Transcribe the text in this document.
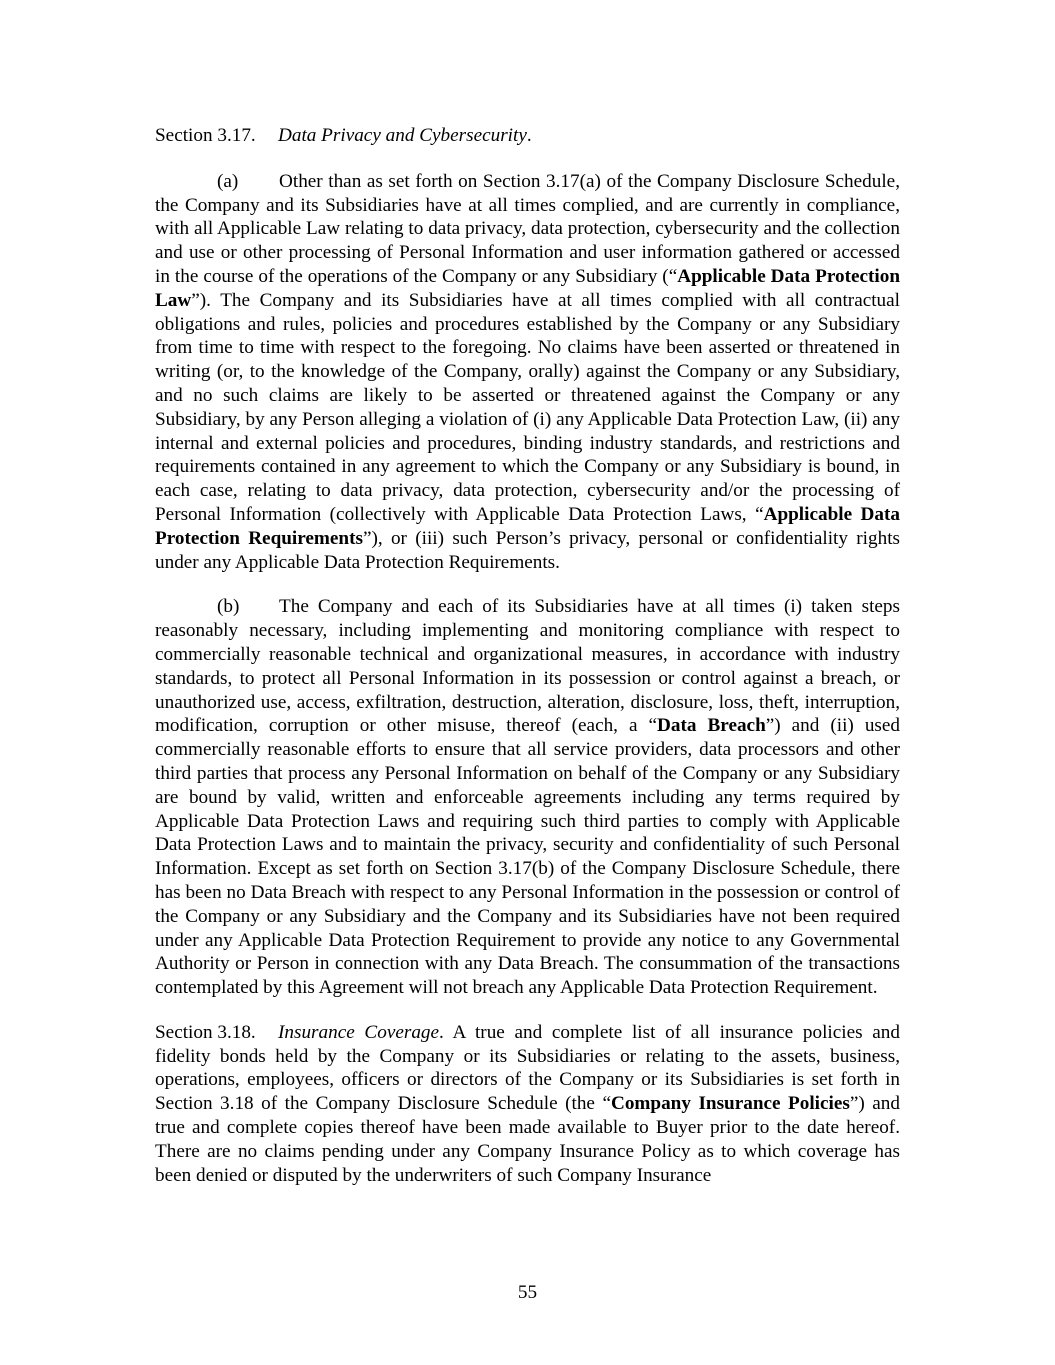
Section 3.17. Data Privacy and Cybersecurity.

(a) Other than as set forth on Section 3.17(a) of the Company Disclosure Schedule, the Company and its Subsidiaries have at all times complied, and are currently in compliance, with all Applicable Law relating to data privacy, data protection, cybersecurity and the collection and use or other processing of Personal Information and user information gathered or accessed in the course of the operations of the Company or any Subsidiary (“Applicable Data Protection Law”). The Company and its Subsidiaries have at all times complied with all contractual obligations and rules, policies and procedures established by the Company or any Subsidiary from time to time with respect to the foregoing. No claims have been asserted or threatened in writing (or, to the knowledge of the Company, orally) against the Company or any Subsidiary, and no such claims are likely to be asserted or threatened against the Company or any Subsidiary, by any Person alleging a violation of (i) any Applicable Data Protection Law, (ii) any internal and external policies and procedures, binding industry standards, and restrictions and requirements contained in any agreement to which the Company or any Subsidiary is bound, in each case, relating to data privacy, data protection, cybersecurity and/or the processing of Personal Information (collectively with Applicable Data Protection Laws, “Applicable Data Protection Requirements”), or (iii) such Person’s privacy, personal or confidentiality rights under any Applicable Data Protection Requirements.

(b) The Company and each of its Subsidiaries have at all times (i) taken steps reasonably necessary, including implementing and monitoring compliance with respect to commercially reasonable technical and organizational measures, in accordance with industry standards, to protect all Personal Information in its possession or control against a breach, or unauthorized use, access, exfiltration, destruction, alteration, disclosure, loss, theft, interruption, modification, corruption or other misuse, thereof (each, a “Data Breach”) and (ii) used commercially reasonable efforts to ensure that all service providers, data processors and other third parties that process any Personal Information on behalf of the Company or any Subsidiary are bound by valid, written and enforceable agreements including any terms required by Applicable Data Protection Laws and requiring such third parties to comply with Applicable Data Protection Laws and to maintain the privacy, security and confidentiality of such Personal Information. Except as set forth on Section 3.17(b) of the Company Disclosure Schedule, there has been no Data Breach with respect to any Personal Information in the possession or control of the Company or any Subsidiary and the Company and its Subsidiaries have not been required under any Applicable Data Protection Requirement to provide any notice to any Governmental Authority or Person in connection with any Data Breach. The consummation of the transactions contemplated by this Agreement will not breach any Applicable Data Protection Requirement.

Section 3.18. Insurance Coverage. A true and complete list of all insurance policies and fidelity bonds held by the Company or its Subsidiaries or relating to the assets, business, operations, employees, officers or directors of the Company or its Subsidiaries is set forth in Section 3.18 of the Company Disclosure Schedule (the “Company Insurance Policies”) and true and complete copies thereof have been made available to Buyer prior to the date hereof. There are no claims pending under any Company Insurance Policy as to which coverage has been denied or disputed by the underwriters of such Company Insurance

55
